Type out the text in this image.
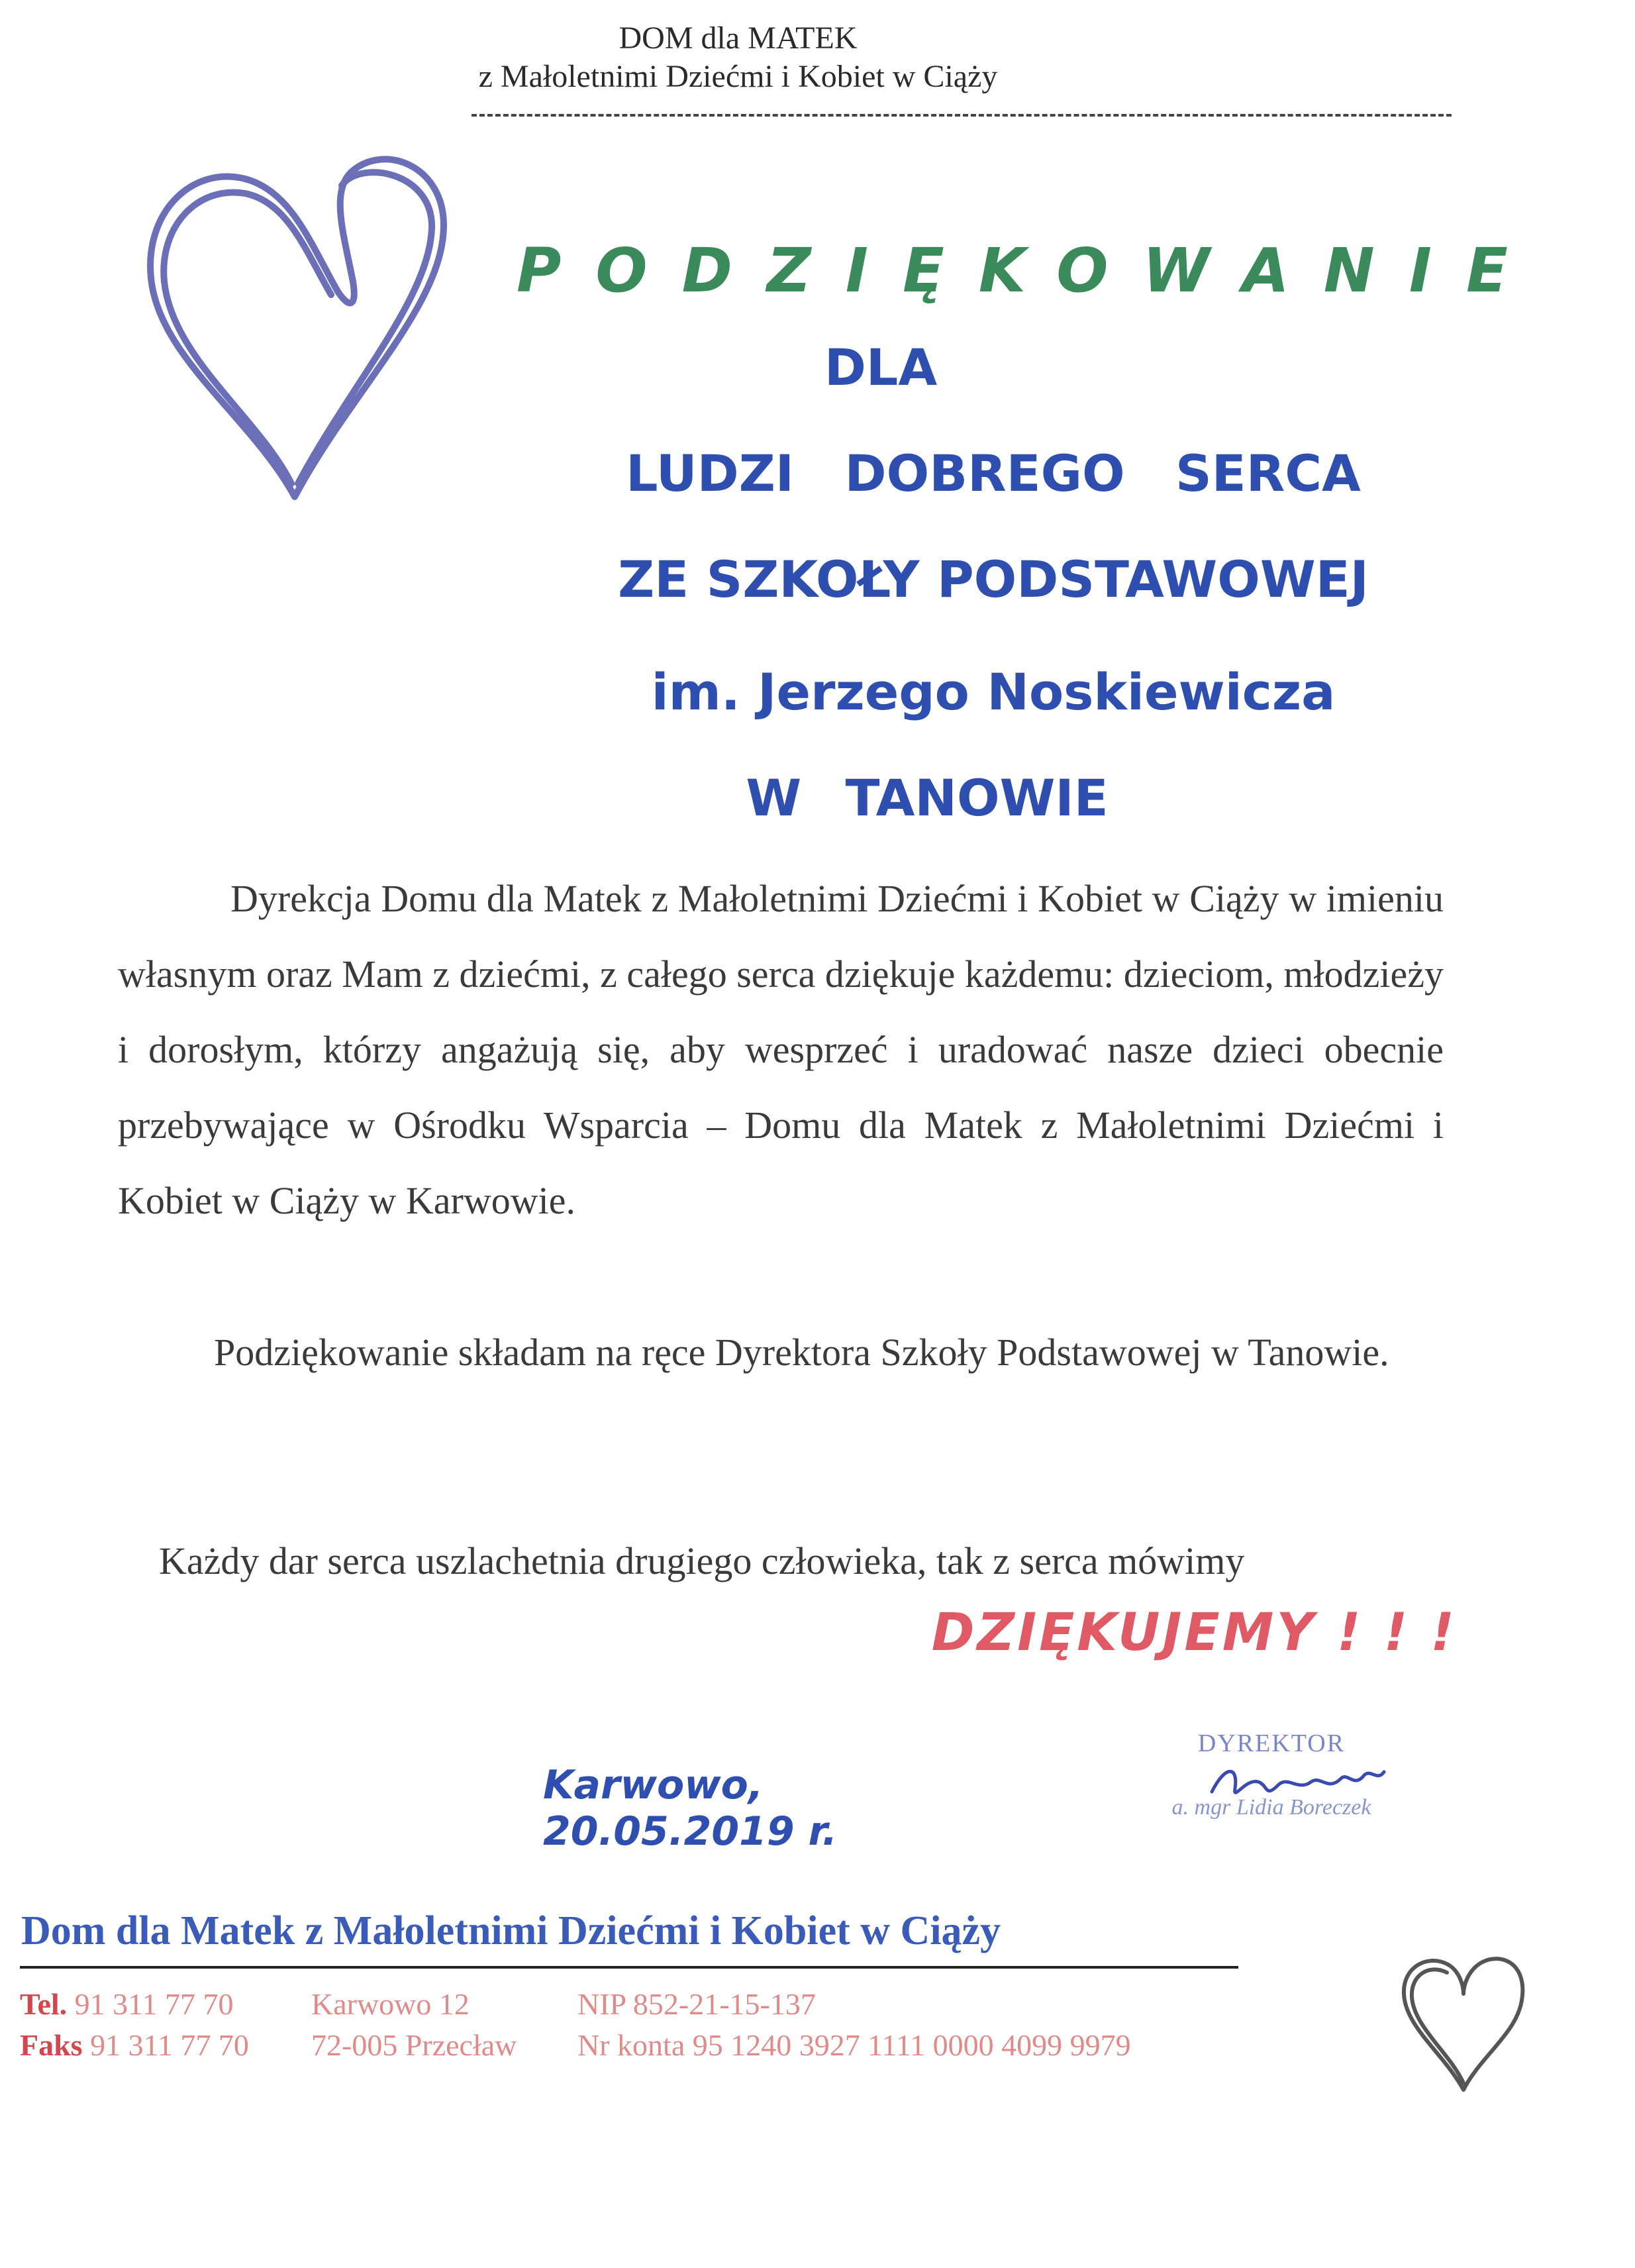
DOM dla MATEK
z Małoletnimi Dziećmi i Kobiet w Ciąży
PODZIĘKOWANIE
DLA
LUDZI DOBREGO SERCA
ZE SZKOŁY PODSTAWOWEJ
im. Jerzego Noskiewicza
W TANOWIE
Dyrekcja Domu dla Matek z Małoletnimi Dziećmi i Kobiet w Ciąży w imieniu własnym oraz Mam z dziećmi, z całego serca dziękuje każdemu: dzieciom, młodzieży i dorosłym, którzy angażują się, aby wesprzeć i uradować nasze dzieci obecnie przebywające w Ośrodku Wsparcia – Domu dla Matek z Małoletnimi Dziećmi i Kobiet w Ciąży w Karwowie.
Podziękowanie składam na ręce Dyrektora Szkoły Podstawowej w Tanowie.
Każdy dar serca uszlachetnia drugiego człowieka, tak z serca mówimy
DZIĘKUJEMY ! ! !
Karwowo, 20.05.2019 r.
DYREKTOR
a. mgr Lidia Boreczek
Dom dla Matek z Małoletnimi Dziećmi i Kobiet w Ciąży
Tel. 91 311 77 70
Faks 91 311 77 70
Karwowo 12
72-005 Przecław
NIP 852-21-15-137
Nr konta 95 1240 3927 1111 0000 4099 9979
